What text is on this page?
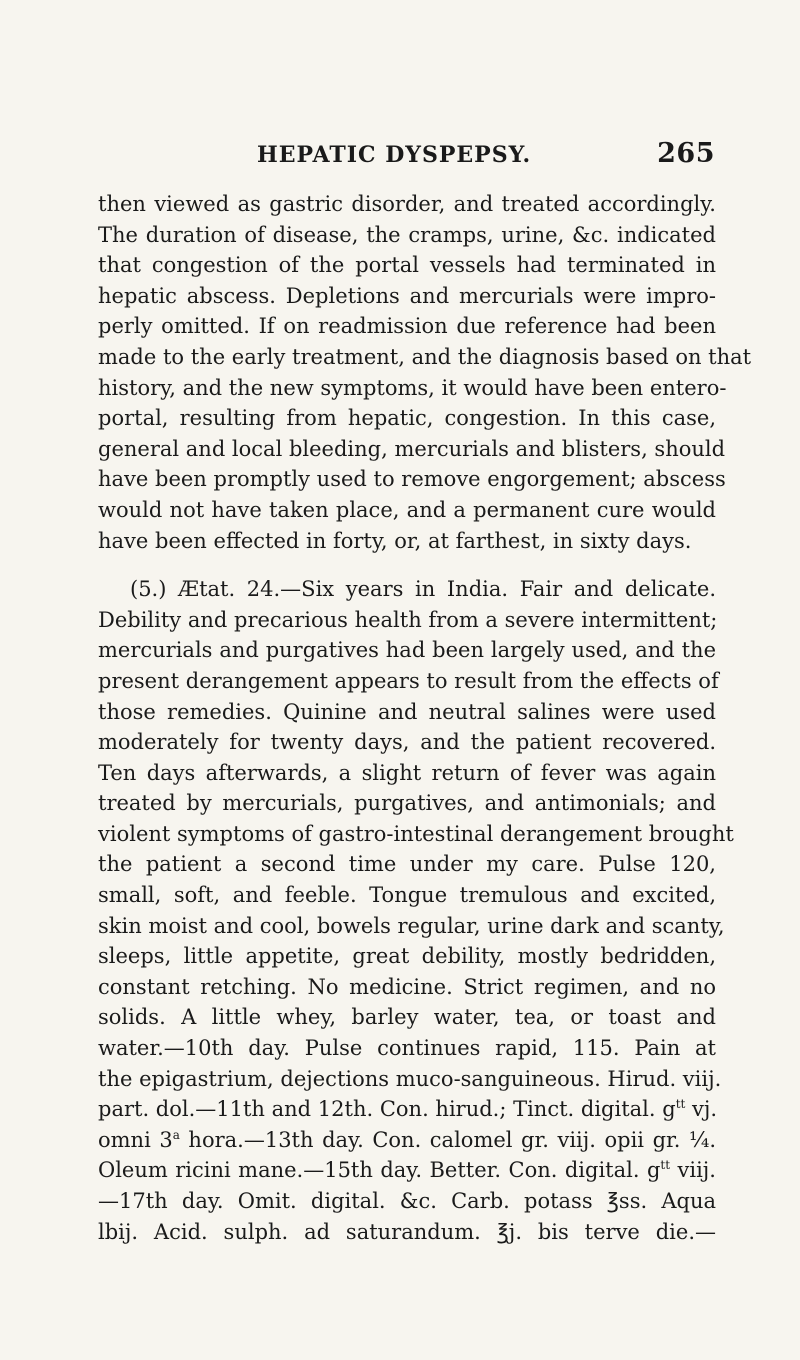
HEPATIC DYSPEPSY.	265
then viewed as gastric disorder, and treated accordingly.
The duration of disease, the cramps, urine, &c. indicated
that congestion of the portal vessels had terminated in
hepatic abscess. Depletions and mercurials were impro-
perly omitted. If on readmission due reference had been
made to the early treatment, and the diagnosis based on that
history, and the new symptoms, it would have been entero-
portal, resulting from hepatic, congestion. In this case,
general and local bleeding, mercurials and blisters, should
have been promptly used to remove engorgement; abscess
would not have taken place, and a permanent cure would
have been effected in forty, or, at farthest, in sixty days.
(5.) Ætat. 24.—Six years in India. Fair and delicate.
Debility and precarious health from a severe intermittent;
mercurials and purgatives had been largely used, and the
present derangement appears to result from the effects of
those remedies. Quinine and neutral salines were used
moderately for twenty days, and the patient recovered.
Ten days afterwards, a slight return of fever was again
treated by mercurials, purgatives, and antimonials; and
violent symptoms of gastro-intestinal derangement brought
the patient a second time under my care. Pulse 120,
small, soft, and feeble. Tongue tremulous and excited,
skin moist and cool, bowels regular, urine dark and scanty,
sleeps, little appetite, great debility, mostly bedridden,
constant retching. No medicine. Strict regimen, and no
solids. A little whey, barley water, tea, or toast and
water.—10th day. Pulse continues rapid, 115. Pain at
the epigastrium, dejections muco-sanguineous. Hirud. viij.
part. dol.—11th and 12th. Con. hirud.; Tinct. digital. $g^{tt}$ vj.
omni 3$^a$ hora.—13th day. Con. calomel gr. viij. opii gr. ¼.
Oleum ricini mane.—15th day. Better. Con. digital. $g^{tt}$ viij.
—17th day. Omit. digital. &c. Carb. potass ℥ss. Aqua
lbij. Acid. sulph. ad saturandum. ℥j. bis terve die.—
